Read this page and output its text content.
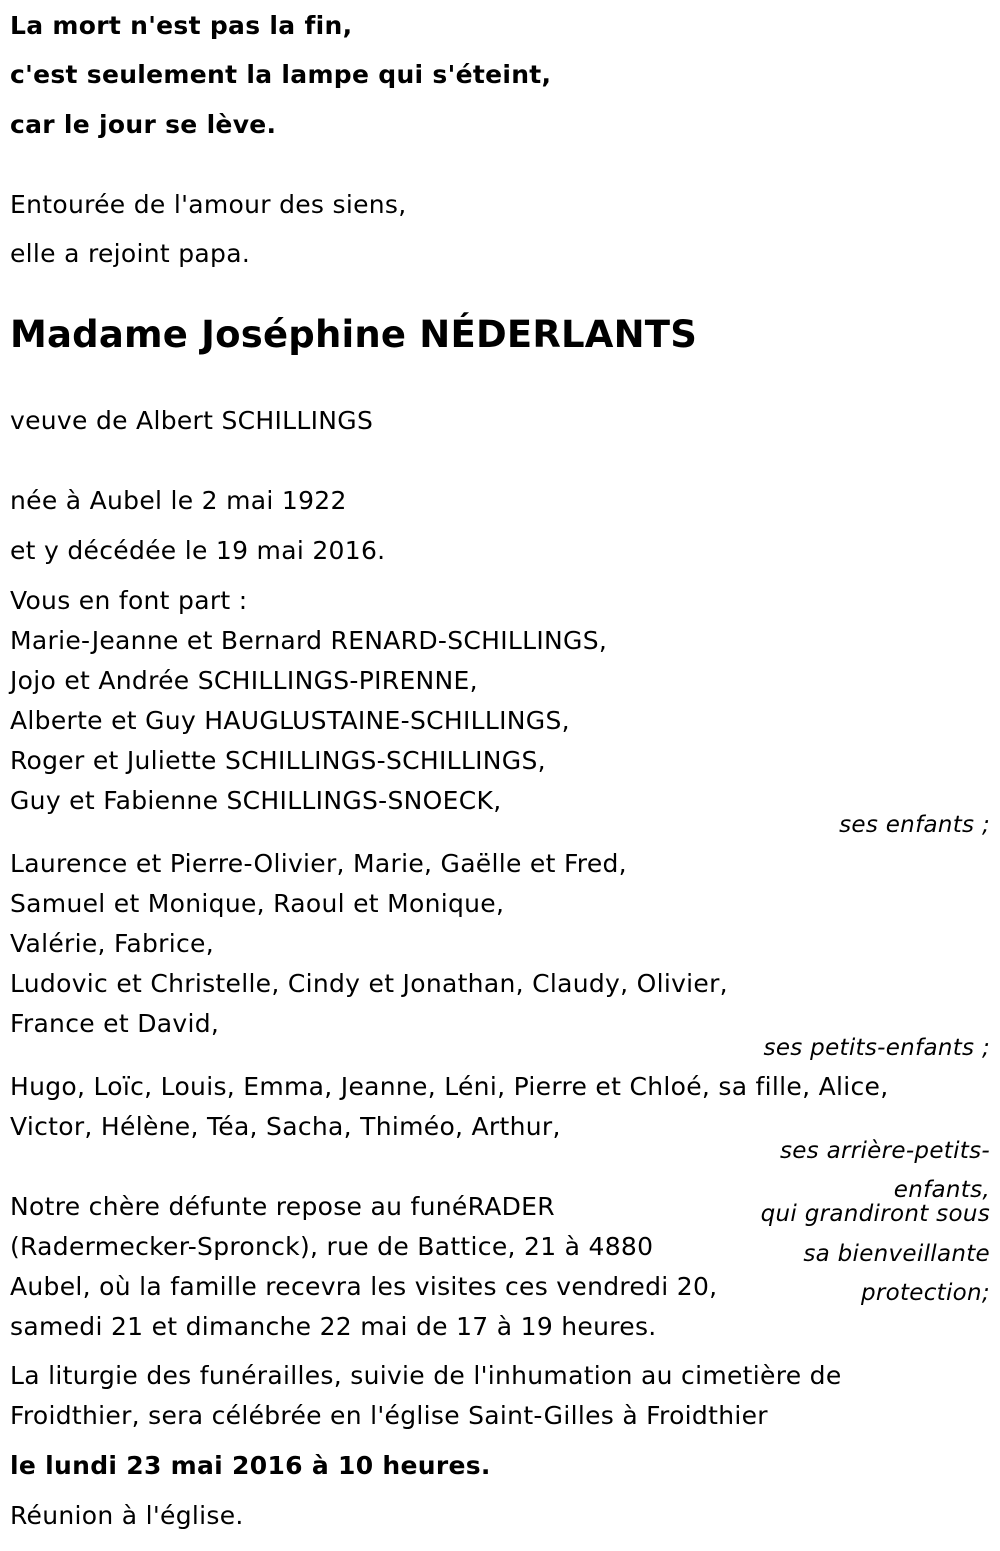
La mort n'est pas la fin,
c'est seulement la lampe qui s'éteint,
car le jour se lève.
Entourée de l'amour des siens,
elle a rejoint papa.
Madame Joséphine NÉDERLANTS
veuve de Albert SCHILLINGS
née à Aubel le 2 mai 1922
et y décédée le 19 mai 2016.
Vous en font part :
Marie-Jeanne et Bernard RENARD-SCHILLINGS,
Jojo et Andrée SCHILLINGS-PIRENNE,
Alberte et Guy HAUGLUSTAINE-SCHILLINGS,
Roger et Juliette SCHILLINGS-SCHILLINGS,
Guy et Fabienne SCHILLINGS-SNOECK,
ses enfants ;
Laurence et Pierre-Olivier, Marie, Gaëlle et Fred,
Samuel et Monique, Raoul et Monique,
Valérie, Fabrice,
Ludovic et Christelle, Cindy et Jonathan, Claudy, Olivier,
France et David,
ses petits-enfants ;
Hugo, Loïc, Louis, Emma, Jeanne, Léni, Pierre et Chloé, sa fille, Alice,
Victor, Hélène, Téa, Sacha, Thiméo, Arthur,
ses arrière-petits-
enfants,
qui grandiront sous
sa bienveillante
protection;
Notre chère défunte repose au funéRADER
(Radermecker-Spronck), rue de Battice, 21 à 4880
Aubel, où la famille recevra les visites ces vendredi 20,
samedi 21 et dimanche 22 mai de 17 à 19 heures.
La liturgie des funérailles, suivie de l'inhumation au cimetière de
Froidthier, sera célébrée en l'église Saint-Gilles à Froidthier
le lundi 23 mai 2016 à 10 heures.
Réunion à l'église.
